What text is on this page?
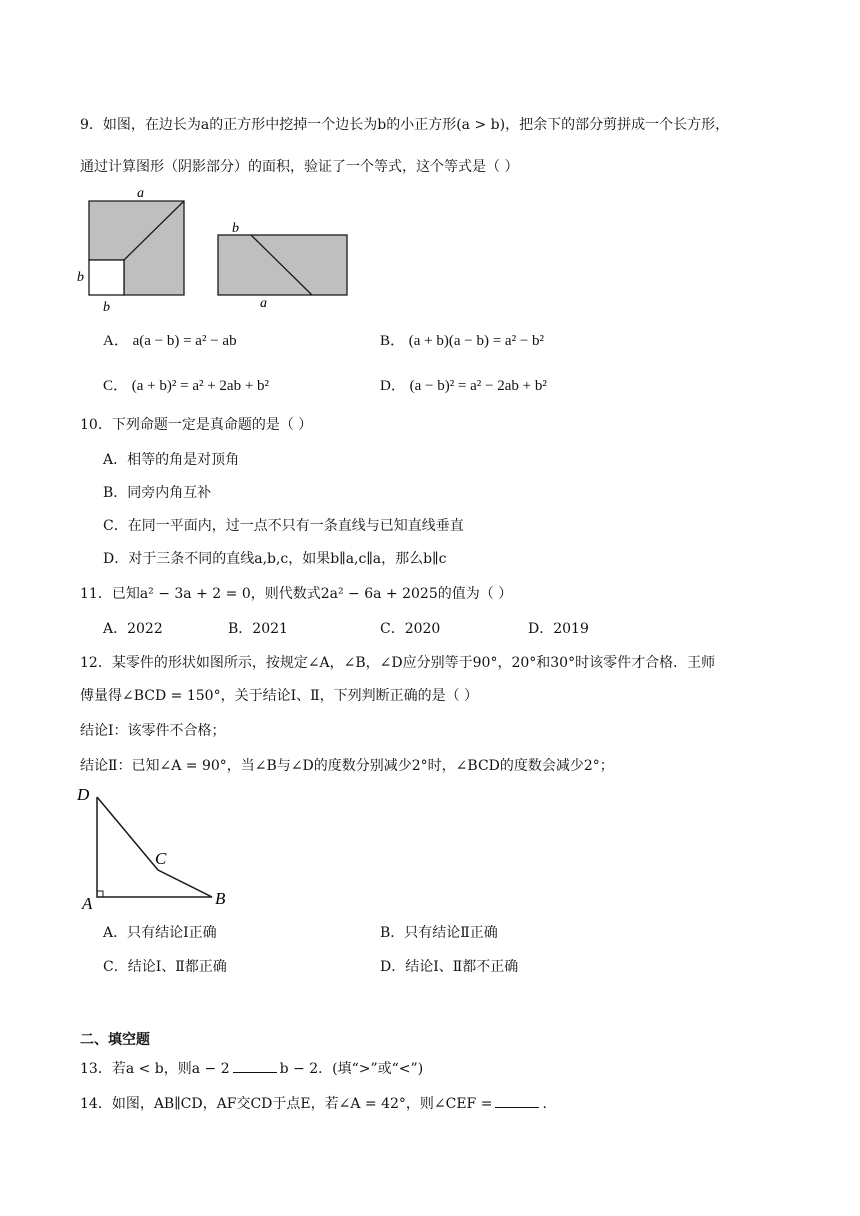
9．如图，在边长为a的正方形中挖掉一个边长为b的小正方形(a > b)，把余下的部分剪拼成一个长方形，
通过计算图形（阴影部分）的面积，验证了一个等式，这个等式是（ ）
a
b
b
b
a
A． a(a − b) = a² − ab	B． (a + b)(a − b) = a² − b²
C． (a + b)² = a² + 2ab + b²	D． (a − b)² = a² − 2ab + b²
10．下列命题一定是真命题的是（ ）
A．相等的角是对顶角
B．同旁内角互补
C．在同一平面内，过一点不只有一条直线与已知直线垂直
D．对于三条不同的直线a,b,c，如果b∥a,c∥a，那么b∥c
11．已知a² − 3a + 2 = 0，则代数式2a² − 6a + 2025的值为（ ）
A．2022	B．2021	C．2020	D．2019
12．某零件的形状如图所示，按规定∠A，∠B，∠D应分别等于90°，20°和30°时该零件才合格．王师
傅量得∠BCD = 150°，关于结论Ⅰ、Ⅱ，下列判断正确的是（ ）
结论Ⅰ：该零件不合格；
结论Ⅱ：已知∠A = 90°，当∠B与∠D的度数分别减少2°时，∠BCD的度数会减少2°；
D
C
A	B
A．只有结论Ⅰ正确	B．只有结论Ⅱ正确
C．结论Ⅰ、Ⅱ都正确	D．结论Ⅰ、Ⅱ都不正确
二、填空题
13．若a < b，则a − 2	b − 2．(填“>”或“<”)
14．如图，AB∥CD，AF交CD于点E，若∠A = 42°，则∠CEF =	.
